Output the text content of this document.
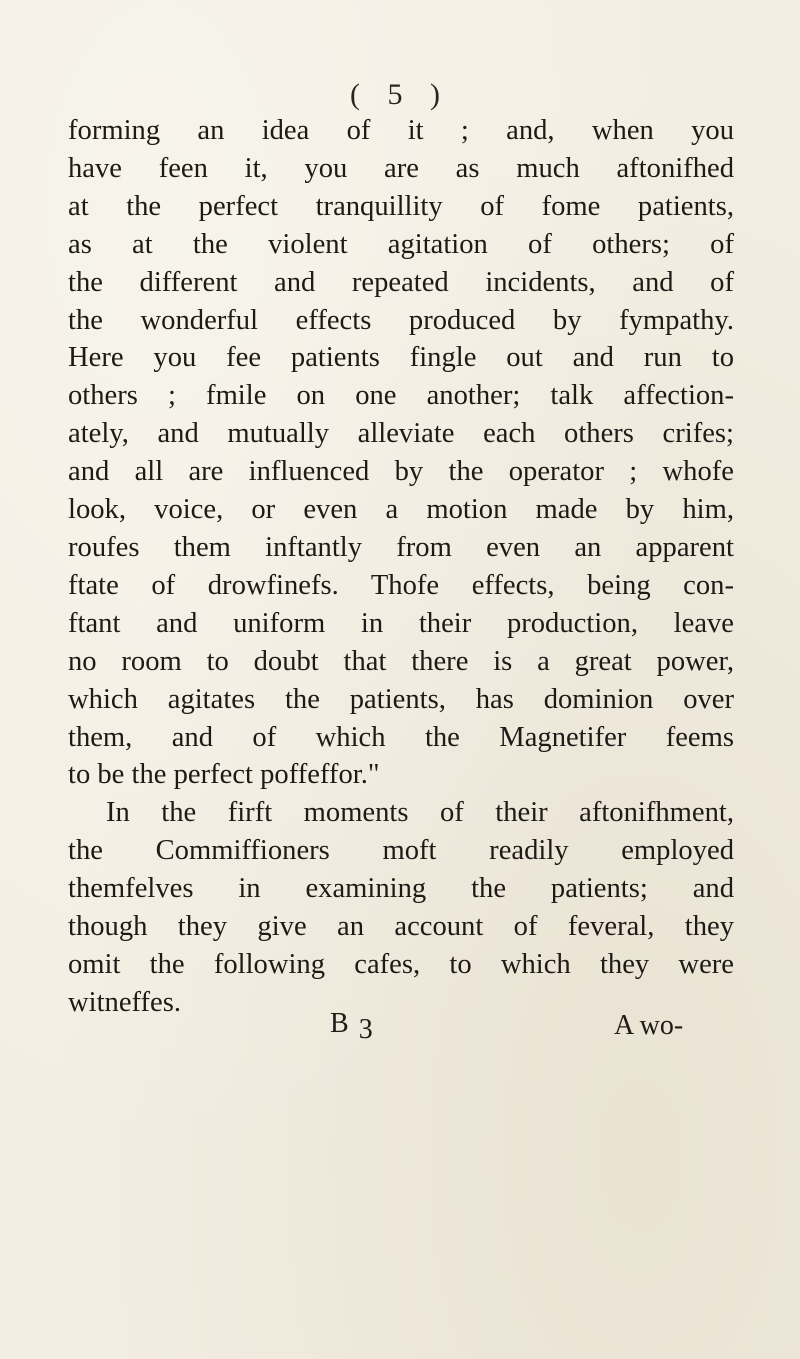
( 5 )
forming an idea of it ; and, when you
have feen it, you are as much aftonifhed
at the perfect tranquillity of fome patients,
as at the violent agitation of others; of
the different and repeated incidents, and of
the wonderful effects produced by fympathy.
Here you fee patients fingle out and run to
others ; fmile on one another; talk affection-
ately, and mutually alleviate each others crifes;
and all are influenced by the operator ; whofe
look, voice, or even a motion made by him,
roufes them inftantly from even an apparent
ftate of drowfinefs. Thofe effects, being con-
ftant and uniform in their production, leave
no room to doubt that there is a great power,
which agitates the patients, has dominion over
them, and of which the Magnetifer feems
to be the perfect poffeffor."
In the firft moments of their aftonifhment,
the Commiffioners moft readily employed
themfelves in examining the patients; and
though they give an account of feveral, they
omit the following cafes, to which they were
witneffes.
B 3	A wo-
